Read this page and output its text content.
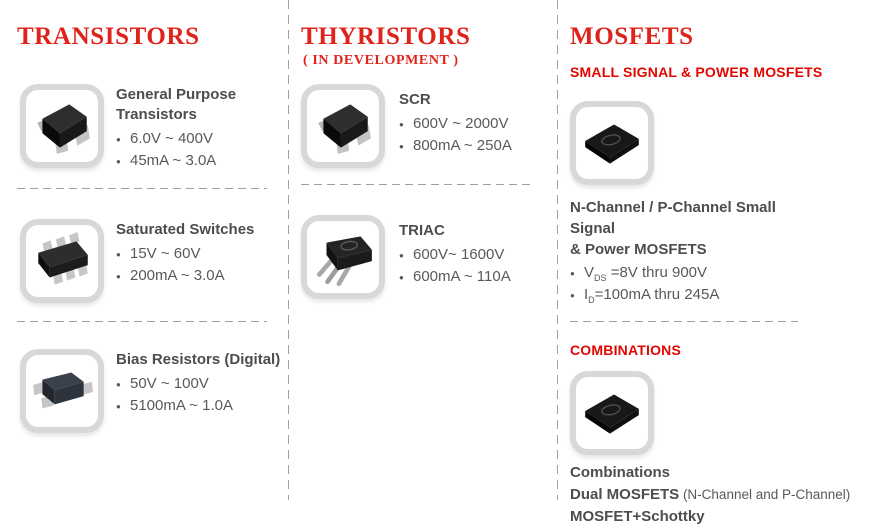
TRANSISTORS
General Purpose
Transistors
● 6.0V ~ 400V
● 45mA ~ 3.0A
Saturated Switches
● 15V ~ 60V
● 200mA ~ 3.0A
Bias Resistors (Digital)
● 50V ~ 100V
● 5100mA ~ 1.0A
THYRISTORS
( IN DEVELOPMENT )
SCR
● 600V ~ 2000V
● 800mA ~ 250A
TRIAC
● 600V~ 1600V
● 600mA ~ 110A
MOSFETS
SMALL SIGNAL & POWER MOSFETS
N-Channel / P-Channel Small Signal
& Power MOSFETS
● $V_{DS} =8V$ thru 900V
● $I_D=100mA$ thru 245A
COMBINATIONS
Combinations
Dual MOSFETS (N-Channel and P-Channel)
MOSFET+Schottky
